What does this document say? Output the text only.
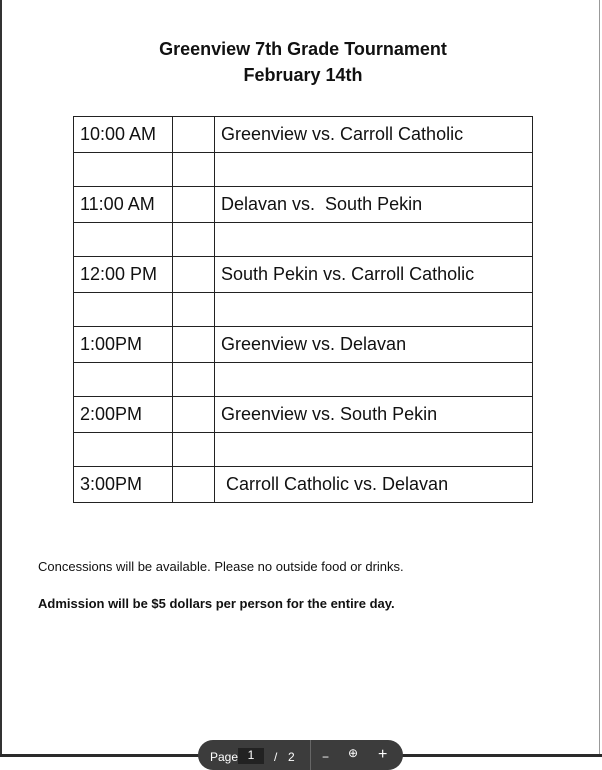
Greenview 7th Grade Tournament
February 14th
10:00 AM		Greenview vs. Carroll Catholic

11:00 AM		Delavan vs.  South Pekin

12:00 PM		South Pekin vs. Carroll Catholic

1:00PM		Greenview vs. Delavan

2:00PM		Greenview vs. South Pekin

3:00PM		Carroll Catholic vs. Delavan
Concessions will be available. Please no outside food or drinks.
Admission will be $5 dollars per person for the entire day.
Page 1	/ 2 − ⊕ +
